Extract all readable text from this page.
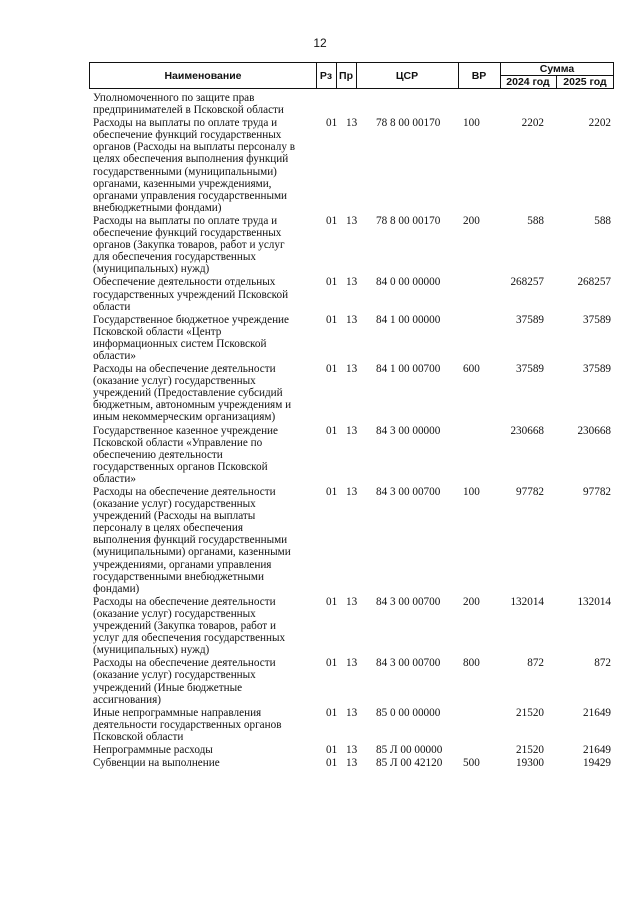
12
Наименование	Рз Пр	ЦСР	ВР
Сумма
2024 год	2025 год
Уполномоченного по защите прав
предпринимателей в Псковской области
Расходы на выплаты по оплате труда и
обеспечение функций государственных
органов (Расходы на выплаты персоналу в
целях обеспечения выполнения функций
государственными (муниципальными)
органами, казенными учреждениями,
органами управления государственными
внебюджетными фондами)
01 13 78 8 00 00170 100	2202	2202
Расходы на выплаты по оплате труда и
обеспечение функций государственных
органов (Закупка товаров, работ и услуг
для обеспечения государственных
(муниципальных) нужд)
01 13 78 8 00 00170 200	588	588
Обеспечение деятельности отдельных
государственных учреждений Псковской
области
01 13 84 0 00 00000	268257	268257
Государственное бюджетное учреждение
Псковской области «Центр
информационных систем Псковской
области»
01 13 84 1 00 00000	37589	37589
Расходы на обеспечение деятельности
(оказание услуг) государственных
учреждений (Предоставление субсидий
бюджетным, автономным учреждениям и
иным некоммерческим организациям)
01 13 84 1 00 00700 600	37589	37589
Государственное казенное учреждение
Псковской области «Управление по
обеспечению деятельности
государственных органов Псковской
области»
01 13 84 3 00 00000	230668	230668
Расходы на обеспечение деятельности
(оказание услуг) государственных
учреждений (Расходы на выплаты
персоналу в целях обеспечения
выполнения функций государственными
(муниципальными) органами, казенными
учреждениями, органами управления
государственными внебюджетными
фондами)
01 13 84 3 00 00700 100	97782	97782
Расходы на обеспечение деятельности
(оказание услуг) государственных
учреждений (Закупка товаров, работ и
услуг для обеспечения государственных
(муниципальных) нужд)
01 13 84 3 00 00700 200	132014	132014
Расходы на обеспечение деятельности
(оказание услуг) государственных
учреждений (Иные бюджетные
ассигнования)
01 13 84 3 00 00700 800	872	872
Иные непрограммные направления
деятельности государственных органов
Псковской области
01 13 85 0 00 00000	21520	21649
Непрограммные расходы	01 13 85 Л 00 00000	21520	21649
Субвенции на выполнение	01 13 85 Л 00 42120 500	19300	19429
